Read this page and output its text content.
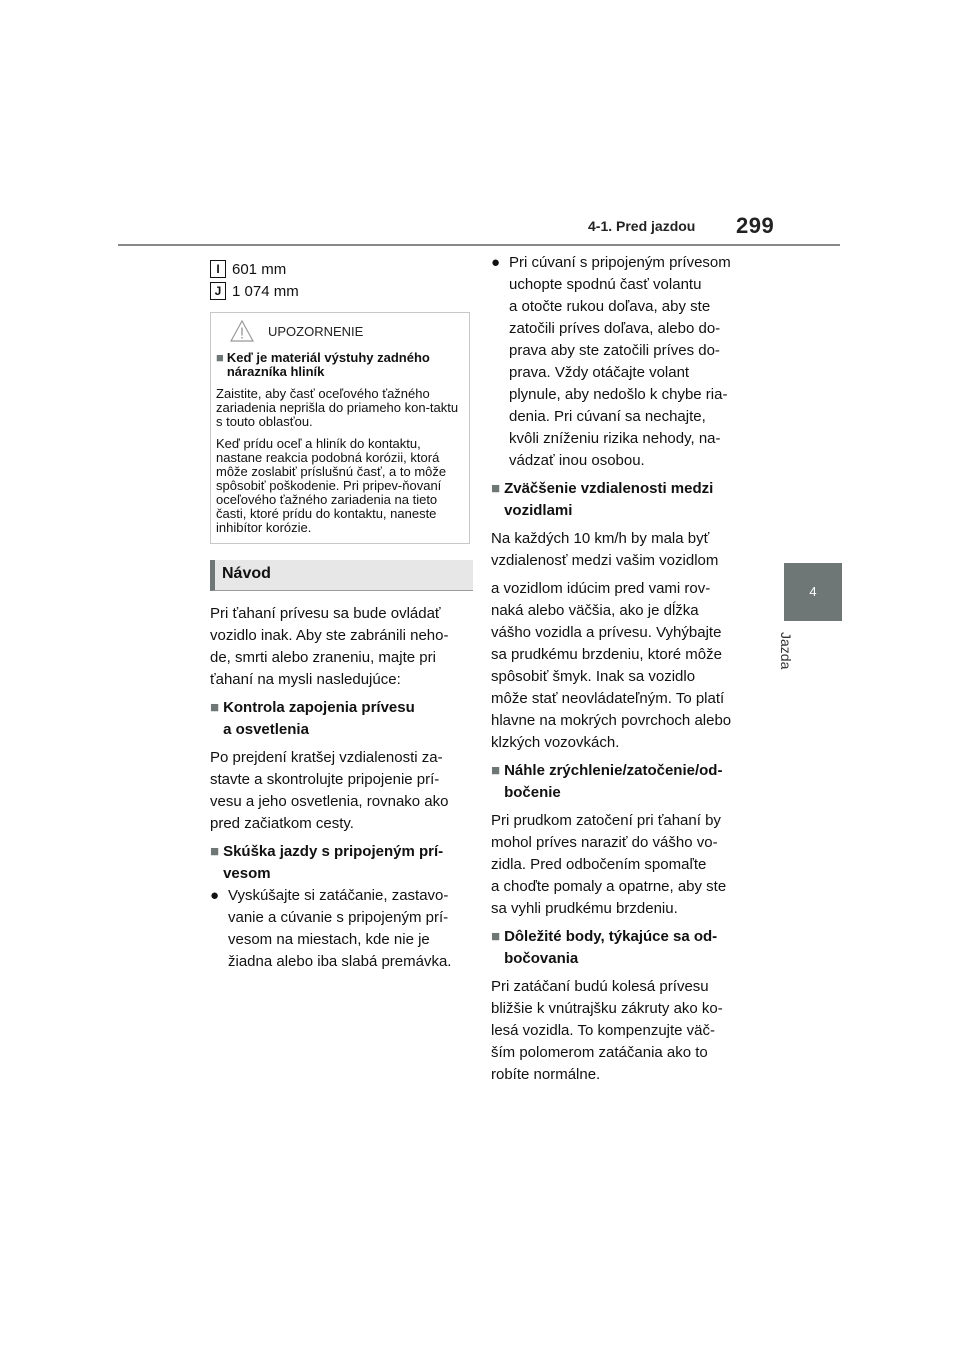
4-1. Pred jazdou 299
4
Jazda
I 601 mm
J 1 074 mm
UPOZORNENIE
■ Keď je materiál výstuhy zadného nárazníka hliník

Zaistite, aby časť oceľového ťažného zariadenia neprišla do priameho kon-taktu s touto oblasťou.

Keď prídu oceľ a hliník do kontaktu, nastane reakcia podobná korózii, ktorá môže zoslabiť príslušnú časť, a to môže spôsobiť poškodenie. Pri pripev-ňovaní oceľového ťažného zariadenia na tieto časti, ktoré prídu do kontaktu, naneste inhibítor korózie.

Návod

Pri ťahaní prívesu sa bude ovládať

vozidlo inak. Aby ste zabránili neho-

de, smrti alebo zraneniu, majte pri

ťahaní na mysli nasledujúce:

■ Kontrola zapojenia prívesu
a osvetlenia

Po prejdení kratšej vzdialenosti za-

stavte a skontrolujte pripojenie prí-

vesu a jeho osvetlenia, rovnako ako

pred začiatkom cesty.

■ Skúška jazdy s pripojeným prí-
vesom
● Vyskúšajte si zatáčanie, zastavo-
vanie a cúvanie s pripojeným prí-
vesom na miestach, kde nie je
žiadna alebo iba slabá premávka.
● Pri cúvaní s pripojeným prívesom
uchopte spodnú časť volantu
a otočte rukou doľava, aby ste
zatočili príves doľava, alebo do-
prava aby ste zatočili príves do-
prava. Vždy otáčajte volant
plynule, aby nedošlo k chybe ria-
denia. Pri cúvaní sa nechajte,
kvôli zníženiu rizika nehody, na-
vádzať inou osobou.
■ Zväčšenie vzdialenosti medzi
vozidlami

Na každých 10 km/h by mala byť

vzdialenosť medzi vašim vozidlom

a vozidlom idúcim pred vami rov-

naká alebo väčšia, ako je dĺžka

vášho vozidla a prívesu. Vyhýbajte

sa prudkému brzdeniu, ktoré môže

spôsobiť šmyk. Inak sa vozidlo

môže stať neovládateľným. To platí

hlavne na mokrých povrchoch alebo

klzkých vozovkách.

■ Náhle zrýchlenie/zatočenie/od-
bočenie

Pri prudkom zatočení pri ťahaní by

mohol príves naraziť do vášho vo-

zidla. Pred odbočením spomaľte

a choďte pomaly a opatrne, aby ste

sa vyhli prudkému brzdeniu.

■ Dôležité body, týkajúce sa od-
bočovania

Pri zatáčaní budú kolesá prívesu

bližšie k vnútrajšku zákruty ako ko-

lesá vozidla. To kompenzujte väč-

ším polomerom zatáčania ako to

robíte normálne.
